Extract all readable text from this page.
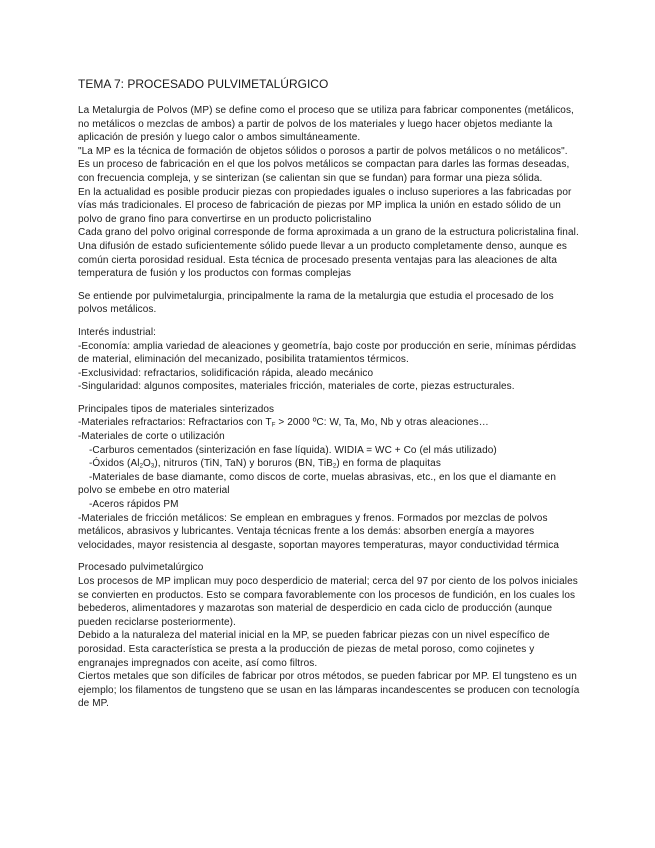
TEMA 7: PROCESADO PULVIMETALÚRGICO

La Metalurgia de Polvos (MP) se define como el proceso que se utiliza para fabricar componentes (metálicos, no metálicos o mezclas de ambos) a partir de polvos de los materiales y luego hacer objetos mediante la aplicación de presión y luego calor o ambos simultáneamente.

"La MP es la técnica de formación de objetos sólidos o porosos a partir de polvos metálicos o no metálicos".

Es un proceso de fabricación en el que los polvos metálicos se compactan para darles las formas deseadas, con frecuencia compleja, y se sinterizan (se calientan sin que se fundan) para formar una pieza sólida.

En la actualidad es posible producir piezas con propiedades iguales o incluso superiores a las fabricadas por vías más tradicionales. El proceso de fabricación de piezas por MP implica la unión en estado sólido de un polvo de grano fino para convertirse en un producto policristalino

Cada grano del polvo original corresponde de forma aproximada a un grano de la estructura policristalina final. Una difusión de estado suficientemente sólido puede llevar a un producto completamente denso, aunque es común cierta porosidad residual. Esta técnica de procesado presenta ventajas para las aleaciones de alta temperatura de fusión y los productos con formas complejas

Se entiende por pulvimetalurgia, principalmente la rama de la metalurgia que estudia el procesado de los polvos metálicos.

Interés industrial:

-Economía: amplia variedad de aleaciones y geometría, bajo coste por producción en serie, mínimas pérdidas de material, eliminación del mecanizado, posibilita tratamientos térmicos.

-Exclusividad: refractarios, solidificación rápida, aleado mecánico

-Singularidad: algunos composites, materiales fricción, materiales de corte, piezas estructurales.

Principales tipos de materiales sinterizados

-Materiales refractarios: Refractarios con $T_F > 2000$ ºC: W, Ta, Mo, Nb y otras aleaciones…

-Materiales de corte o utilización

-Carburos cementados (sinterización en fase líquida). WIDIA = WC + Co (el más utilizado)

-Óxidos $(Al_2O_3)$, nitruros (TiN, TaN) y boruros (BN, TiB$_2$) en forma de plaquitas

-Materiales de base diamante, como discos de corte, muelas abrasivas, etc., en los que el diamante en polvo se embebe en otro material

-Aceros rápidos PM

-Materiales de fricción metálicos: Se emplean en embragues y frenos. Formados por mezclas de polvos metálicos, abrasivos y lubricantes. Ventaja técnicas frente a los demás: absorben energía a mayores velocidades, mayor resistencia al desgaste, soportan mayores temperaturas, mayor conductividad térmica

Procesado pulvimetalúrgico

Los procesos de MP implican muy poco desperdicio de material; cerca del 97 por ciento de los polvos iniciales se convierten en productos. Esto se compara favorablemente con los procesos de fundición, en los cuales los bebederos, alimentadores y mazarotas son material de desperdicio en cada ciclo de producción (aunque pueden reciclarse posteriormente).

Debido a la naturaleza del material inicial en la MP, se pueden fabricar piezas con un nivel específico de porosidad. Esta característica se presta a la producción de piezas de metal poroso, como cojinetes y engranajes impregnados con aceite, así como filtros.

Ciertos metales que son difíciles de fabricar por otros métodos, se pueden fabricar por MP. El tungsteno es un ejemplo; los filamentos de tungsteno que se usan en las lámparas incandescentes se producen con tecnología de MP.
